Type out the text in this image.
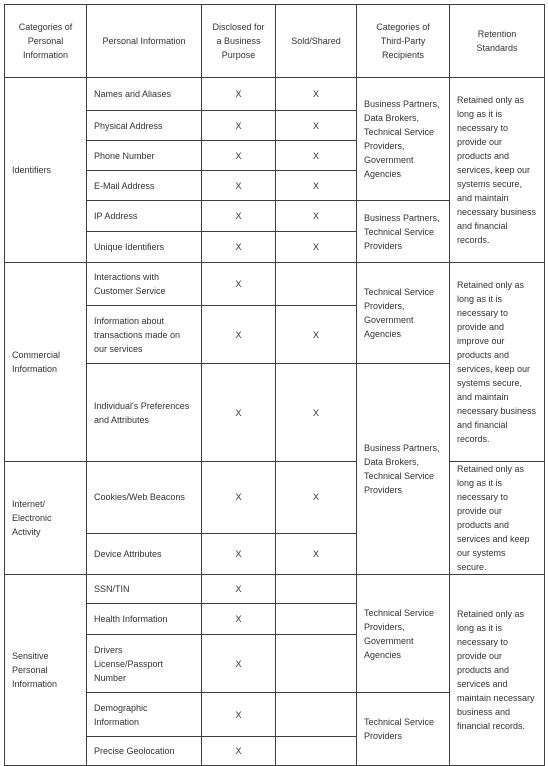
Categories of Personal Information	Personal Information	Disclosed for a Business Purpose	Sold/Shared	Categories of Third-Party Recipients	Retention Standards
Identifiers	Names and Aliases	X	X	Business Partners, Data Brokers, Technical Service Providers, Government Agencies	Retained only as long as it is necessary to provide our products and services, keep our systems secure, and maintain necessary business and financial records.
	Physical Address	X	X		
	Phone Number	X	X		
	E-Mail Address	X	X		
	IP Address	X	X	Business Partners, Technical Service Providers	
	Unique Identifiers	X	X		
Commercial Information	Interactions with Customer Service	X		Technical Service Providers, Government Agencies	Retained only as long as it is necessary to provide and improve our products and services, keep our systems secure, and maintain necessary business and financial records.
	Information about transactions made on our services	X	X		
	Individual's Preferences and Attributes	X	X	Business Partners, Data Brokers, Technical Service Providers	
Internet/ Electronic Activity	Cookies/Web Beacons	X	X		Retained only as long as it is necessary to provide our products and services and keep our systems secure.
	Device Attributes	X	X		
Sensitive Personal Information	SSN/TIN	X		Technical Service Providers, Government Agencies	Retained only as long as it is necessary to provide our products and services and maintain necessary business and financial records.
	Health Information	X			
	Drivers License/Passport Number	X			
	Demographic Information	X		Technical Service Providers	
	Precise Geolocation	X			
